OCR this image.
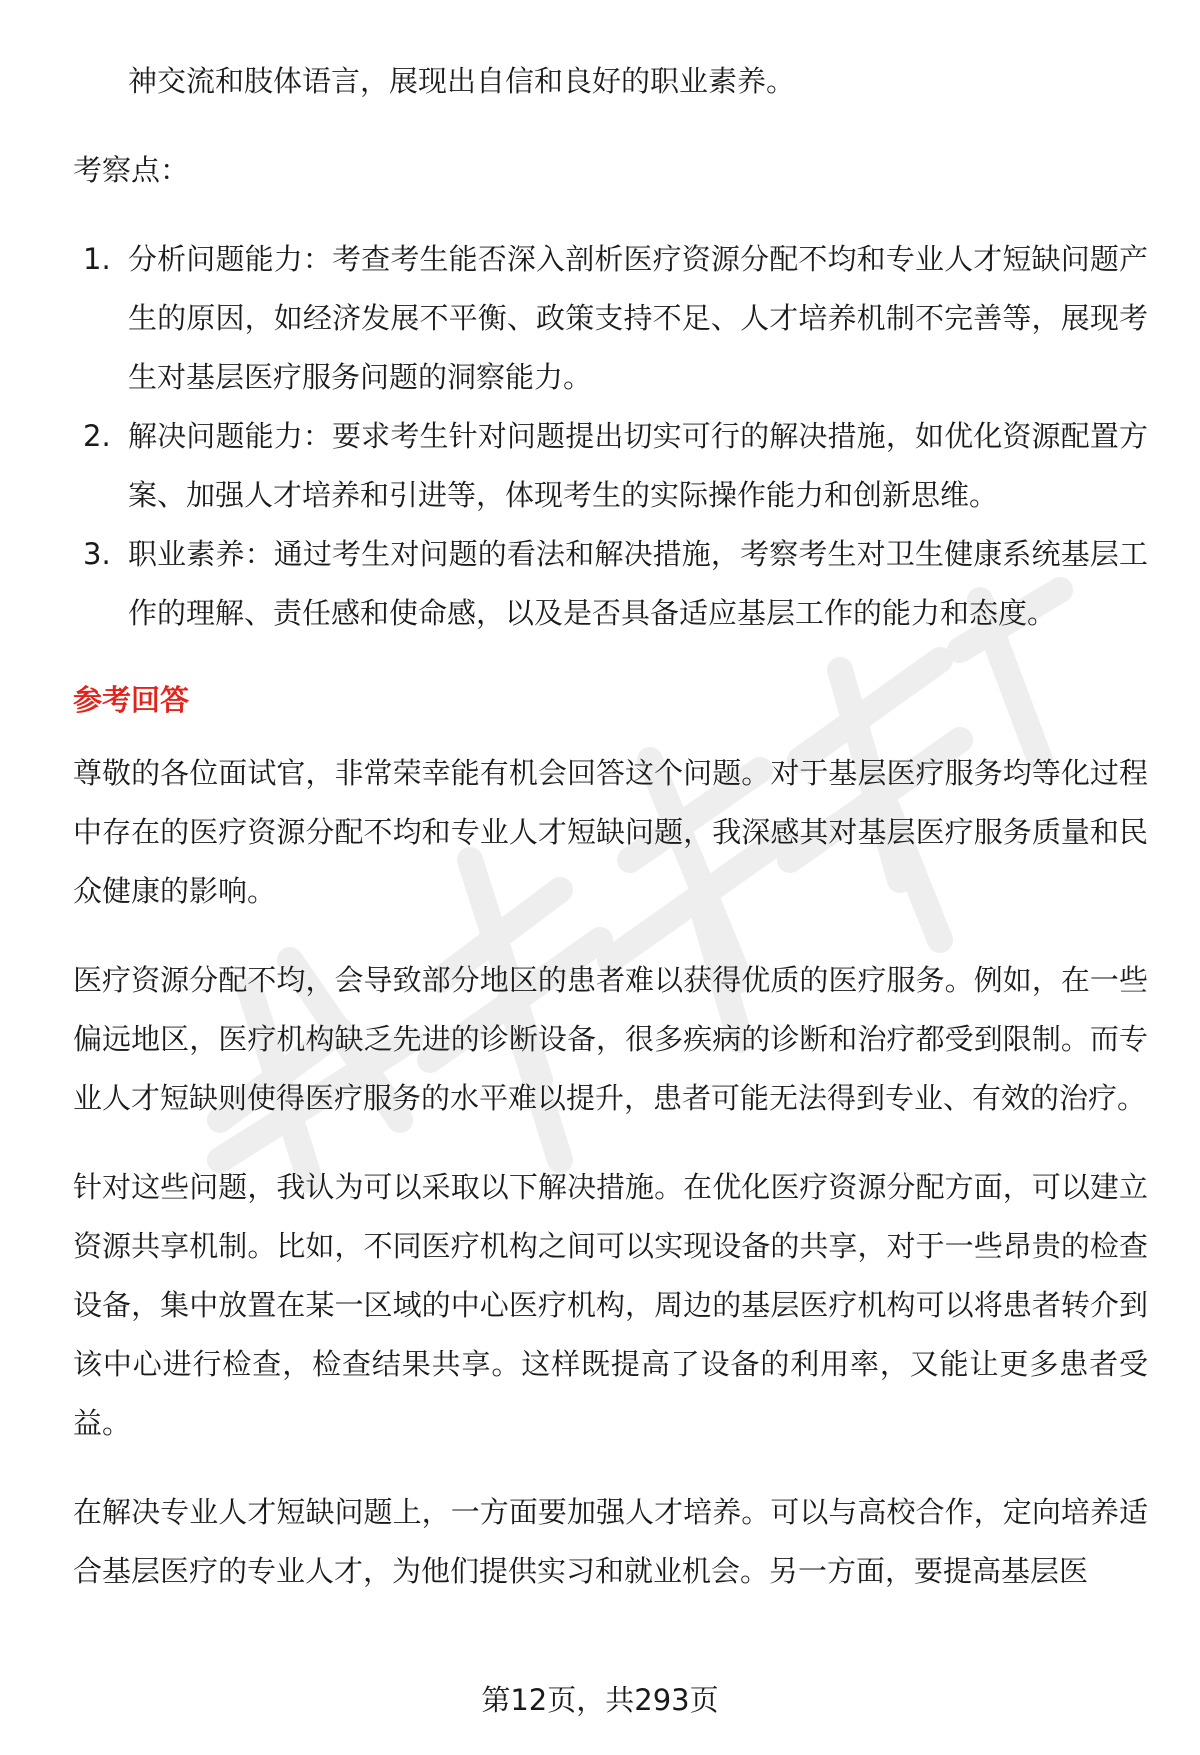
神交流和肢体语言，展现出自信和良好的职业素养。

考察点：

1. 分析问题能力：考查考生能否深入剖析医疗资源分配不均和专业人才短缺问题产生的原因，如经济发展不平衡、政策支持不足、人才培养机制不完善等，展现考生对基层医疗服务问题的洞察能力。
2. 解决问题能力：要求考生针对问题提出切实可行的解决措施，如优化资源配置方案、加强人才培养和引进等，体现考生的实际操作能力和创新思维。
3. 职业素养：通过考生对问题的看法和解决措施，考察考生对卫生健康系统基层工作的理解、责任感和使命感，以及是否具备适应基层工作的能力和态度。

参考回答

尊敬的各位面试官，非常荣幸能有机会回答这个问题。对于基层医疗服务均等化过程中存在的医疗资源分配不均和专业人才短缺问题，我深感其对基层医疗服务质量和民众健康的影响。

医疗资源分配不均，会导致部分地区的患者难以获得优质的医疗服务。例如，在一些偏远地区，医疗机构缺乏先进的诊断设备，很多疾病的诊断和治疗都受到限制。而专业人才短缺则使得医疗服务的水平难以提升，患者可能无法得到专业、有效的治疗。

针对这些问题，我认为可以采取以下解决措施。在优化医疗资源分配方面，可以建立资源共享机制。比如，不同医疗机构之间可以实现设备的共享，对于一些昂贵的检查设备，集中放置在某一区域的中心医疗机构，周边的基层医疗机构可以将患者转介到该中心进行检查，检查结果共享。这样既提高了设备的利用率，又能让更多患者受益。

在解决专业人才短缺问题上，一方面要加强人才培养。可以与高校合作，定向培养适合基层医疗的专业人才，为他们提供实习和就业机会。另一方面，要提高基层医

第12页，共293页
